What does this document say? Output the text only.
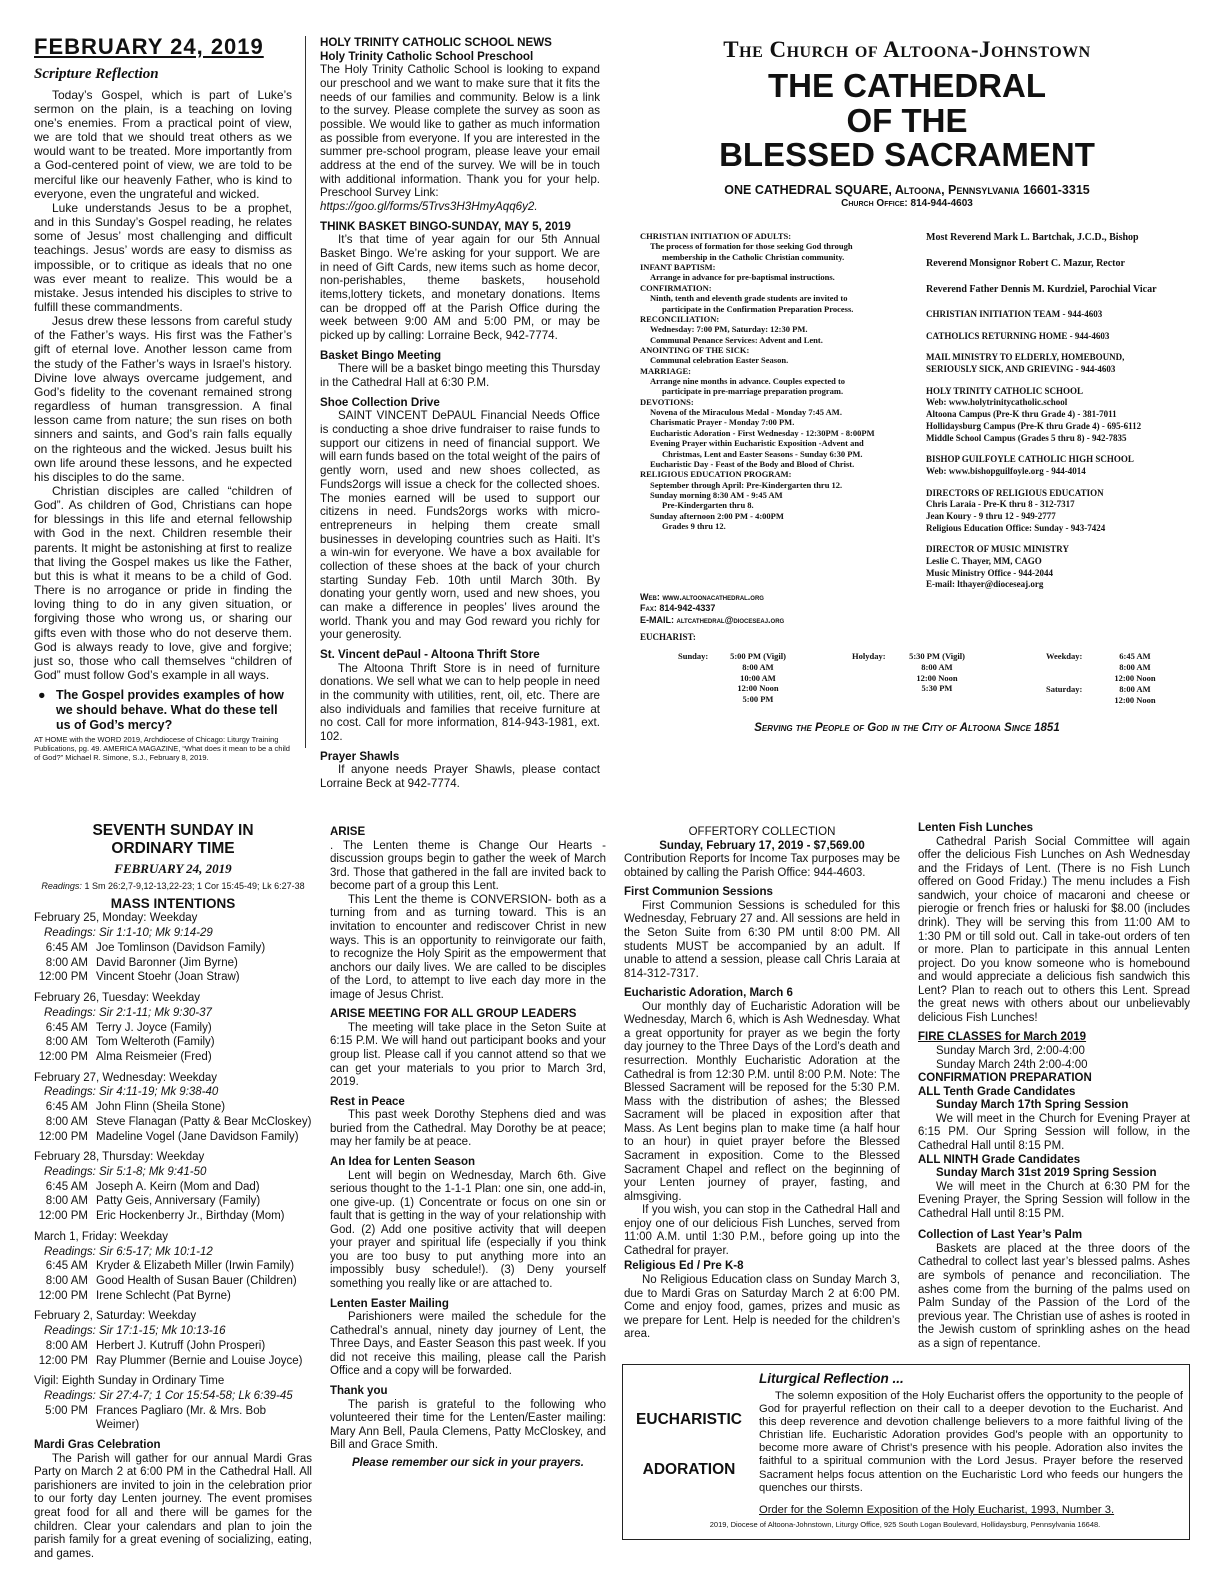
FEBRUARY 24, 2019
Scripture Reflection
Today’s Gospel, which is part of Luke’s sermon on the plain, is a teaching on loving one’s enemies. From a practical point of view, we are told that we should treat others as we would want to be treated. More importantly from a God-centered point of view, we are told to be merciful like our heavenly Father, who is kind to everyone, even the ungrateful and wicked.
Luke understands Jesus to be a prophet, and in this Sunday’s Gospel reading, he relates some of Jesus’ most challenging and difficult teachings. Jesus’ words are easy to dismiss as impossible, or to critique as ideals that no one was ever meant to realize. This would be a mistake. Jesus intended his disciples to strive to fulfill these commandments.
Jesus drew these lessons from careful study of the Father’s ways. His first was the Father’s gift of eternal love. Another lesson came from the study of the Father’s ways in Israel’s history. Divine love always overcame judgement, and God’s fidelity to the covenant remained strong regardless of human transgression. A final lesson came from nature; the sun rises on both sinners and saints, and God’s rain falls equally on the righteous and the wicked. Jesus built his own life around these lessons, and he expected his disciples to do the same.
Christian disciples are called “children of God”. As children of God, Christians can hope for blessings in this life and eternal fellowship with God in the next. Children resemble their parents. It might be astonishing at first to realize that living the Gospel makes us like the Father, but this is what it means to be a child of God. There is no arrogance or pride in finding the loving thing to do in any given situation, or forgiving those who wrong us, or sharing our gifts even with those who do not deserve them. God is always ready to love, give and forgive; just so, those who call themselves “children of God” must follow God’s example in all ways.
● The Gospel provides examples of how we should behave. What do these tell us of God’s mercy?
AT HOME with the WORD 2019, Archdiocese of Chicago: Liturgy Training Publications, pg. 49. AMERICA MAGAZINE, “What does it mean to be a child of God?” Michael R. Simone, S.J., February 8, 2019.
HOLY TRINITY CATHOLIC SCHOOL NEWS
Holy Trinity Catholic School Preschool
The Holy Trinity Catholic School is looking to expand our preschool and we want to make sure that it fits the needs of our families and community. Below is a link to the survey. Please complete the survey as soon as possible. We would like to gather as much information as possible from everyone. If you are interested in the summer pre-school program, please leave your email address at the end of the survey. We will be in touch with additional information. Thank you for your help. Preschool Survey Link:
https://goo.gl/forms/5Trvs3H3HmyAqq6y2.
THINK BASKET BINGO-SUNDAY, MAY 5, 2019
It’s that time of year again for our 5th Annual Basket Bingo. We’re asking for your support. We are in need of Gift Cards, new items such as home decor, non-perishables, theme baskets, household items,lottery tickets, and monetary donations. Items can be dropped off at the Parish Office during the week between 9:00 AM and 5:00 PM, or may be picked up by calling: Lorraine Beck, 942-7774.
Basket Bingo Meeting
There will be a basket bingo meeting this Thursday in the Cathedral Hall at 6:30 P.M.
Shoe Collection Drive
SAINT VINCENT DePAUL Financial Needs Office is conducting a shoe drive fundraiser to raise funds to support our citizens in need of financial support. We will earn funds based on the total weight of the pairs of gently worn, used and new shoes collected, as Funds2orgs will issue a check for the collected shoes. The monies earned will be used to support our citizens in need. Funds2orgs works with micro-entrepreneurs in helping them create small businesses in developing countries such as Haiti. It’s a win-win for everyone. We have a box available for collection of these shoes at the back of your church starting Sunday Feb. 10th until March 30th. By donating your gently worn, used and new shoes, you can make a difference in peoples’ lives around the world. Thank you and may God reward you richly for your generosity.
St. Vincent dePaul - Altoona Thrift Store
The Altoona Thrift Store is in need of furniture donations. We sell what we can to help people in need in the community with utilities, rent, oil, etc. There are also individuals and families that receive furniture at no cost. Call for more information, 814-943-1981, ext. 102.
Prayer Shawls
If anyone needs Prayer Shawls, please contact Lorraine Beck at 942-7774.
The Church of Altoona-Johnstown
THE CATHEDRAL
OF THE
BLESSED SACRAMENT
ONE CATHEDRAL SQUARE, Altoona, Pennsylvania 16601-3315
Church Office: 814-944-4603
CHRISTIAN INITIATION OF ADULTS:
The process of formation for those seeking God through
membership in the Catholic Christian community.
INFANT BAPTISM:
Arrange in advance for pre-baptismal instructions.
CONFIRMATION:
Ninth, tenth and eleventh grade students are invited to
participate in the Confirmation Preparation Process.
RECONCILIATION:
Wednesday: 7:00 PM, Saturday: 12:30 PM.
Communal Penance Services: Advent and Lent.
ANOINTING OF THE SICK:
Communal celebration Easter Season.
MARRIAGE:
Arrange nine months in advance. Couples expected to
participate in pre-marriage preparation program.
DEVOTIONS:
Novena of the Miraculous Medal - Monday 7:45 AM.
Charismatic Prayer - Monday 7:00 PM.
Eucharistic Adoration - First Wednesday - 12:30PM - 8:00PM
Evening Prayer within Eucharistic Exposition -Advent and
Christmas, Lent and Easter Seasons - Sunday 6:30 PM.
Eucharistic Day - Feast of the Body and Blood of Christ.
RELIGIOUS EDUCATION PROGRAM:
September through April: Pre-Kindergarten thru 12.
Sunday morning 8:30 AM - 9:45 AM
Pre-Kindergarten thru 8.
Sunday afternoon 2:00 PM - 4:00PM
Grades 9 thru 12.
Web: www.altoonacathedral.org
Fax: 814-942-4337
E-MAIL: altcathedral@dioceseaj.org
EUCHARIST:
Most Reverend Mark L. Bartchak, J.C.D., Bishop
Reverend Monsignor Robert C. Mazur, Rector
Reverend Father Dennis M. Kurdziel, Parochial Vicar
CHRISTIAN INITIATION TEAM - 944-4603
CATHOLICS RETURNING HOME - 944-4603
MAIL MINISTRY TO ELDERLY, HOMEBOUND,
SERIOUSLY SICK, AND GRIEVING - 944-4603
HOLY TRINITY CATHOLIC SCHOOL
Web: www.holytrinitycatholic.school
Altoona Campus (Pre-K thru Grade 4) - 381-7011
Hollidaysburg Campus (Pre-K thru Grade 4) - 695-6112
Middle School Campus (Grades 5 thru 8) - 942-7835
BISHOP GUILFOYLE CATHOLIC HIGH SCHOOL
Web: www.bishopguilfoyle.org - 944-4014
DIRECTORS OF RELIGIOUS EDUCATION
Chris Laraia - Pre-K thru 8 - 312-7317
Jean Koury - 9 thru 12 - 949-2777
Religious Education Office: Sunday - 943-7424
DIRECTOR OF MUSIC MINISTRY
Leslie C. Thayer, MM, CAGO
Music Ministry Office - 944-2044
E-mail: lthayer@dioceseaj.org
Sunday:	5:00 PM (Vigil)
8:00 AM
10:00 AM
12:00 Noon
5:00 PM
Holyday:	5:30 PM (Vigil)
8:00 AM
12:00 Noon
5:30 PM
Weekday:	6:45 AM
8:00 AM
12:00 Noon
Saturday:	8:00 AM
12:00 Noon
Serving the People of God in the City of Altoona Since 1851
SEVENTH SUNDAY IN
ORDINARY TIME
FEBRUARY 24, 2019
Readings: 1 Sm 26:2,7-9,12-13,22-23; 1 Cor 15:45-49; Lk 6:27-38
MASS INTENTIONS
February 25, Monday: Weekday
Readings: Sir 1:1-10; Mk 9:14-29
6:45 AM Joe Tomlinson (Davidson Family)
8:00 AM David Baronner (Jim Byrne)
12:00 PM Vincent Stoehr (Joan Straw)
February 26, Tuesday: Weekday
Readings: Sir 2:1-11; Mk 9:30-37
6:45 AM Terry J. Joyce (Family)
8:00 AM Tom Welteroth (Family)
12:00 PM Alma Reismeier (Fred)
February 27, Wednesday: Weekday
Readings: Sir 4:11-19; Mk 9:38-40
6:45 AM John Flinn (Sheila Stone)
8:00 AM Steve Flanagan (Patty & Bear McCloskey)
12:00 PM Madeline Vogel (Jane Davidson Family)
February 28, Thursday: Weekday
Readings: Sir 5:1-8; Mk 9:41-50
6:45 AM Joseph A. Keirn (Mom and Dad)
8:00 AM Patty Geis, Anniversary (Family)
12:00 PM Eric Hockenberry Jr., Birthday (Mom)
March 1, Friday: Weekday
Readings: Sir 6:5-17; Mk 10:1-12
6:45 AM Kryder & Elizabeth Miller (Irwin Family)
8:00 AM Good Health of Susan Bauer (Children)
12:00 PM Irene Schlecht (Pat Byrne)
February 2, Saturday: Weekday
Readings: Sir 17:1-15; Mk 10:13-16
8:00 AM Herbert J. Kutruff (John Prosperi)
12:00 PM Ray Plummer (Bernie and Louise Joyce)
Vigil: Eighth Sunday in Ordinary Time
Readings: Sir 27:4-7; 1 Cor 15:54-58; Lk 6:39-45
5:00 PM Frances Pagliaro (Mr. & Mrs. Bob Weimer)
Mardi Gras Celebration
The Parish will gather for our annual Mardi Gras Party on March 2 at 6:00 PM in the Cathedral Hall. All parishioners are invited to join in the celebration prior to our forty day Lenten journey. The event promises great food for all and there will be games for the children. Clear your calendars and plan to join the parish family for a great evening of socializing, eating, and games.
ARISE
. The Lenten theme is Change Our Hearts - discussion groups begin to gather the week of March 3rd. Those that gathered in the fall are invited back to become part of a group this Lent.
This Lent the theme is CONVERSION- both as a turning from and as turning toward. This is an invitation to encounter and rediscover Christ in new ways. This is an opportunity to reinvigorate our faith, to recognize the Holy Spirit as the empowerment that anchors our daily lives. We are called to be disciples of the Lord, to attempt to live each day more in the image of Jesus Christ.
ARISE MEETING FOR ALL GROUP LEADERS
The meeting will take place in the Seton Suite at 6:15 P.M. We will hand out participant books and your group list. Please call if you cannot attend so that we can get your materials to you prior to March 3rd, 2019.
Rest in Peace
This past week Dorothy Stephens died and was buried from the Cathedral. May Dorothy be at peace; may her family be at peace.
An Idea for Lenten Season
Lent will begin on Wednesday, March 6th. Give serious thought to the 1-1-1 Plan: one sin, one add-in, one give-up. (1) Concentrate or focus on one sin or fault that is getting in the way of your relationship with God. (2) Add one positive activity that will deepen your prayer and spiritual life (especially if you think you are too busy to put anything more into an impossibly busy schedule!). (3) Deny yourself something you really like or are attached to.
Lenten Easter Mailing
Parishioners were mailed the schedule for the Cathedral’s annual, ninety day journey of Lent, the Three Days, and Easter Season this past week. If you did not receive this mailing, please call the Parish Office and a copy will be forwarded.
Thank you
The parish is grateful to the following who volunteered their time for the Lenten/Easter mailing: Mary Ann Bell, Paula Clemens, Patty McCloskey, and Bill and Grace Smith.
Please remember our sick in your prayers.
OFFERTORY COLLECTION
Sunday, February 17, 2019 - $7,569.00
Contribution Reports for Income Tax purposes may be obtained by calling the Parish Office: 944-4603.
First Communion Sessions
First Communion Sessions is scheduled for this Wednesday, February 27 and. All sessions are held in the Seton Suite from 6:30 PM until 8:00 PM. All students MUST be accompanied by an adult. If unable to attend a session, please call Chris Laraia at 814-312-7317.
Eucharistic Adoration, March 6
Our monthly day of Eucharistic Adoration will be Wednesday, March 6, which is Ash Wednesday. What a great opportunity for prayer as we begin the forty day journey to the Three Days of the Lord’s death and resurrection. Monthly Eucharistic Adoration at the Cathedral is from 12:30 P.M. until 8:00 P.M. Note: The Blessed Sacrament will be reposed for the 5:30 P.M. Mass with the distribution of ashes; the Blessed Sacrament will be placed in exposition after that Mass. As Lent begins plan to make time (a half hour to an hour) in quiet prayer before the Blessed Sacrament in exposition. Come to the Blessed Sacrament Chapel and reflect on the beginning of your Lenten journey of prayer, fasting, and almsgiving.
If you wish, you can stop in the Cathedral Hall and enjoy one of our delicious Fish Lunches, served from 11:00 A.M. until 1:30 P.M., before going up into the Cathedral for prayer.
Religious Ed / Pre K-8
No Religious Education class on Sunday March 3, due to Mardi Gras on Saturday March 2 at 6:00 PM. Come and enjoy food, games, prizes and music as we prepare for Lent. Help is needed for the children’s area.
Lenten Fish Lunches
Cathedral Parish Social Committee will again offer the delicious Fish Lunches on Ash Wednesday and the Fridays of Lent. (There is no Fish Lunch offered on Good Friday.) The menu includes a Fish sandwich, your choice of macaroni and cheese or pierogie or french fries or haluski for $8.00 (includes drink). They will be serving this from 11:00 AM to 1:30 PM or till sold out. Call in take-out orders of ten or more. Plan to participate in this annual Lenten project. Do you know someone who is homebound and would appreciate a delicious fish sandwich this Lent? Plan to reach out to others this Lent. Spread the great news with others about our unbelievably delicious Fish Lunches!
FIRE CLASSES for March 2019
Sunday March 3rd, 2:00-4:00
Sunday March 24th 2:00-4:00
CONFIRMATION PREPARATION
ALL Tenth Grade Candidates
Sunday March 17th Spring Session
We will meet in the Church for Evening Prayer at 6:15 PM. Our Spring Session will follow, in the Cathedral Hall until 8:15 PM.
ALL NINTH Grade Candidates
Sunday March 31st 2019 Spring Session
We will meet in the Church at 6:30 PM for the Evening Prayer, the Spring Session will follow in the Cathedral Hall until 8:15 PM.
Collection of Last Year’s Palm
Baskets are placed at the three doors of the Cathedral to collect last year’s blessed palms. Ashes are symbols of penance and reconciliation. The ashes come from the burning of the palms used on Palm Sunday of the Passion of the Lord of the previous year. The Christian use of ashes is rooted in the Jewish custom of sprinkling ashes on the head as a sign of repentance.
Liturgical Reflection ...
EUCHARISTIC
ADORATION
The solemn exposition of the Holy Eucharist offers the opportunity to the people of God for prayerful reflection on their call to a deeper devotion to the Eucharist. And this deep reverence and devotion challenge believers to a more faithful living of the Christian life. Eucharistic Adoration provides God’s people with an opportunity to become more aware of Christ’s presence with his people. Adoration also invites the faithful to a spiritual communion with the Lord Jesus. Prayer before the reserved Sacrament helps focus attention on the Eucharistic Lord who feeds our hungers the quenches our thirsts.
Order for the Solemn Exposition of the Holy Eucharist, 1993, Number 3.
2019, Diocese of Altoona-Johnstown, Liturgy Office, 925 South Logan Boulevard, Hollidaysburg, Pennsylvania 16648.
